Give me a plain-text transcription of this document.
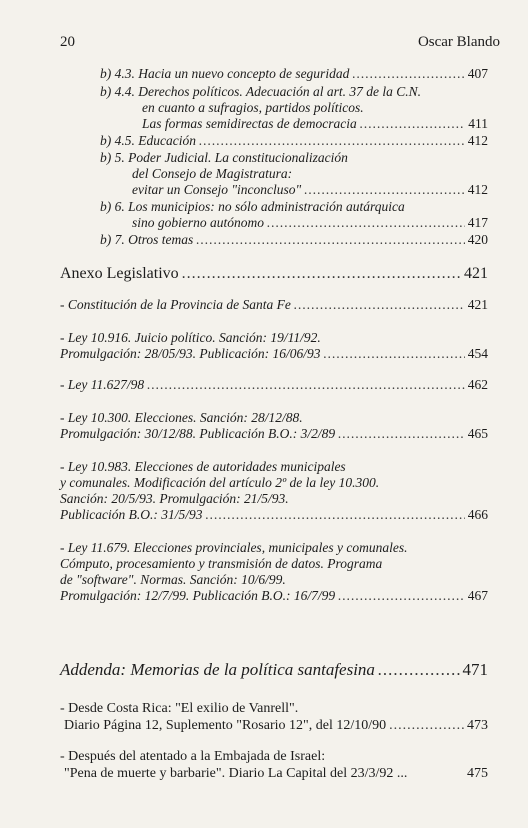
20	Oscar Blando
b) 4.3. Hacia un nuevo concepto de seguridad .....	407
b) 4.4. Derechos políticos. Adecuación al art. 37 de la C.N.
en cuanto a sufragios, partidos políticos.
Las formas semidirectas de democracia .....	411
b) 4.5. Educación .....	412
b) 5. Poder Judicial. La constitucionalización
del Consejo de Magistratura:
evitar un Consejo "inconcluso" .....	412
b) 6. Los municipios: no sólo administración autárquica
sino gobierno autónomo .....	417
b) 7. Otros temas .....	420
Anexo Legislativo .....	421
- Constitución de la Provincia de Santa Fe .....	421
- Ley 10.916. Juicio político. Sanción: 19/11/92.
Promulgación: 28/05/93. Publicación: 16/06/93 .....	454
- Ley 11.627/98 .....	462
- Ley 10.300. Elecciones. Sanción: 28/12/88.
Promulgación: 30/12/88. Publicación B.O.: 3/2/89 .....	465
- Ley 10.983. Elecciones de autoridades municipales
y comunales. Modificación del artículo 2º de la ley 10.300.
Sanción: 20/5/93. Promulgación: 21/5/93.
Publicación B.O.: 31/5/93 .....	466
- Ley 11.679. Elecciones provinciales, municipales y comunales.
Cómputo, procesamiento y transmisión de datos. Programa
de "software". Normas. Sanción: 10/6/99.
Promulgación: 12/7/99. Publicación B.O.: 16/7/99 .....	467
Addenda: Memorias de la política santafesina .....	471
- Desde Costa Rica: "El exilio de Vanrell".
Diario Página 12, Suplemento "Rosario 12", del 12/10/90 .....	473
- Después del atentado a la Embajada de Israel:
"Pena de muerte y barbarie". Diario La Capital del 23/3/92 ...	475
